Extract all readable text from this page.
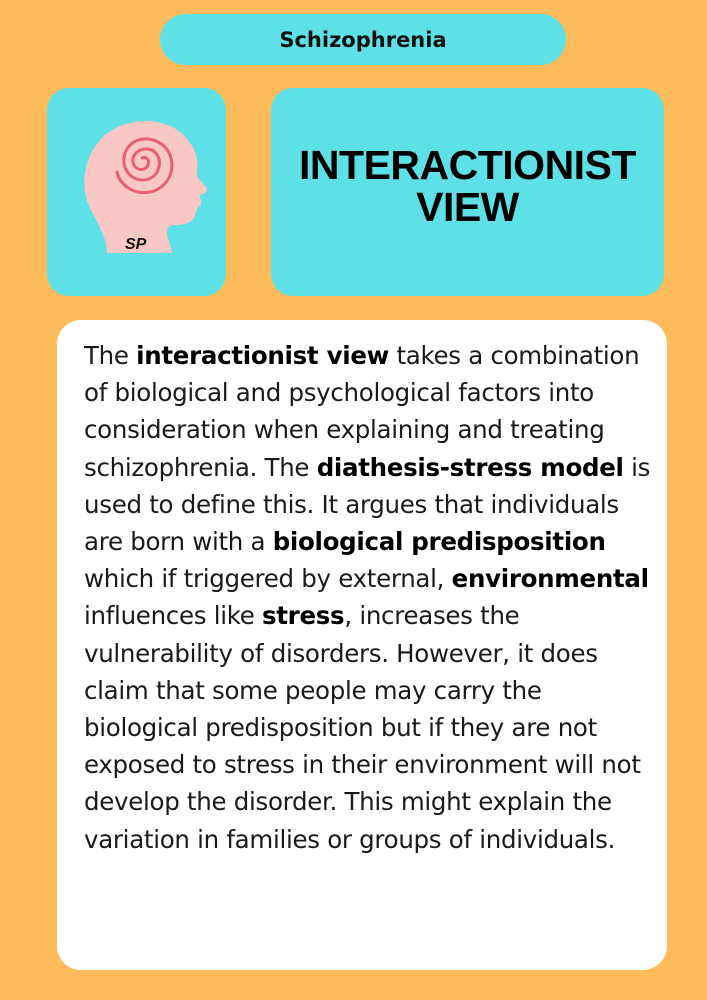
Schizophrenia
SP
INTERACTIONIST
VIEW

The interactionist view takes a combination of biological and psychological factors into consideration when explaining and treating schizophrenia. The diathesis-stress model is used to define this. It argues that individuals are born with a biological predisposition which if triggered by external, environmental influences like stress, increases the vulnerability of disorders. However, it does claim that some people may carry the biological predisposition but if they are not exposed to stress in their environment will not develop the disorder. This might explain the variation in families or groups of individuals.
